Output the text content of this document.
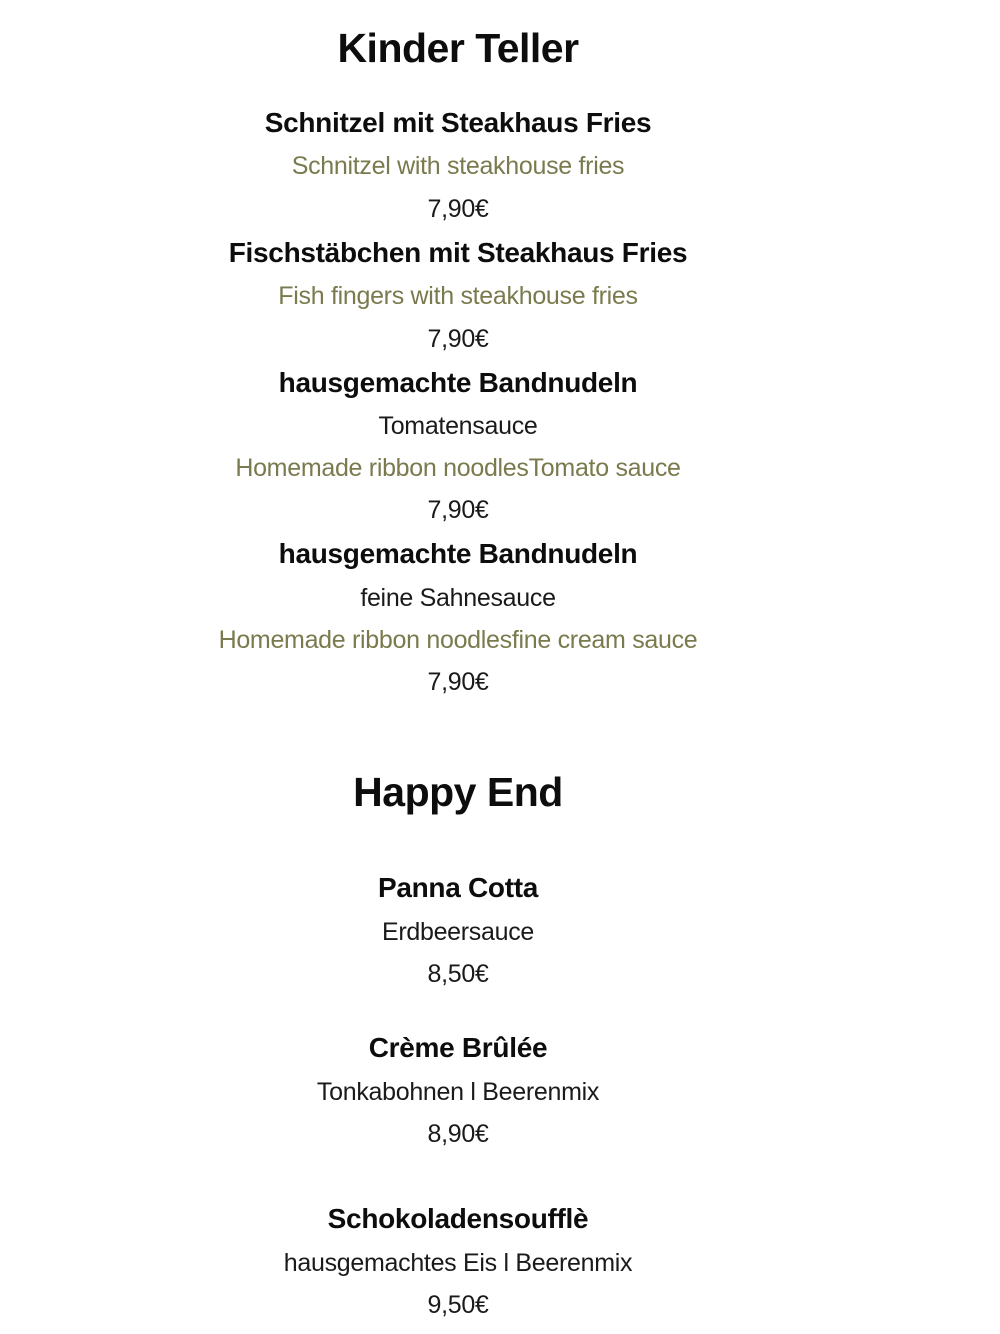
Kinder Teller
Schnitzel mit Steakhaus Fries
Schnitzel with steakhouse fries
7,90€
Fischstäbchen mit Steakhaus Fries
Fish fingers with steakhouse fries
7,90€
hausgemachte Bandnudeln
Tomatensauce
Homemade ribbon noodlesTomato sauce
7,90€
hausgemachte Bandnudeln
feine Sahnesauce
Homemade ribbon noodlesfine cream sauce
7,90€
Happy End
Panna Cotta
Erdbeersauce
8,50€
Crème Brûlée
Tonkabohnen l Beerenmix
8,90€
Schokoladensoufflè
hausgemachtes Eis l Beerenmix
9,50€
